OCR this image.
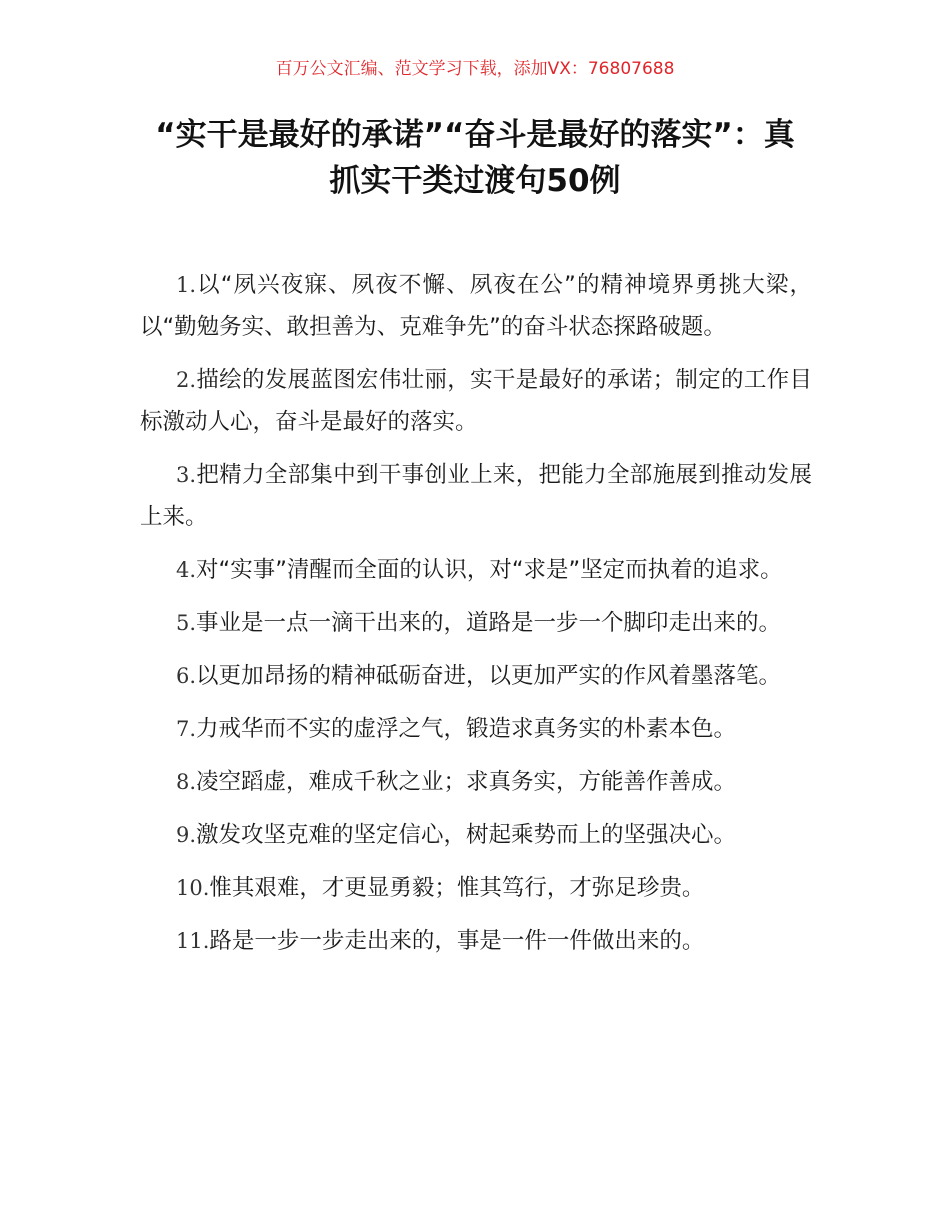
百万公文汇编、范文学习下载，添加VX：76807688
“实干是最好的承诺”“奋斗是最好的落实”：真抓实干类过渡句50例
1.以“夙兴夜寐、夙夜不懈、夙夜在公”的精神境界勇挑大梁，以“勤勉务实、敢担善为、克难争先”的奋斗状态探路破题。
2.描绘的发展蓝图宏伟壮丽，实干是最好的承诺；制定的工作目标激动人心，奋斗是最好的落实。
3.把精力全部集中到干事创业上来，把能力全部施展到推动发展上来。
4.对“实事”清醒而全面的认识，对“求是”坚定而执着的追求。
5.事业是一点一滴干出来的，道路是一步一个脚印走出来的。
6.以更加昂扬的精神砥砺奋进，以更加严实的作风着墨落笔。
7.力戒华而不实的虚浮之气，锻造求真务实的朴素本色。
8.凌空蹈虚，难成千秋之业；求真务实，方能善作善成。
9.激发攻坚克难的坚定信心，树起乘势而上的坚强决心。
10.惟其艰难，才更显勇毅；惟其笃行，才弥足珍贵。
11.路是一步一步走出来的，事是一件一件做出来的。
